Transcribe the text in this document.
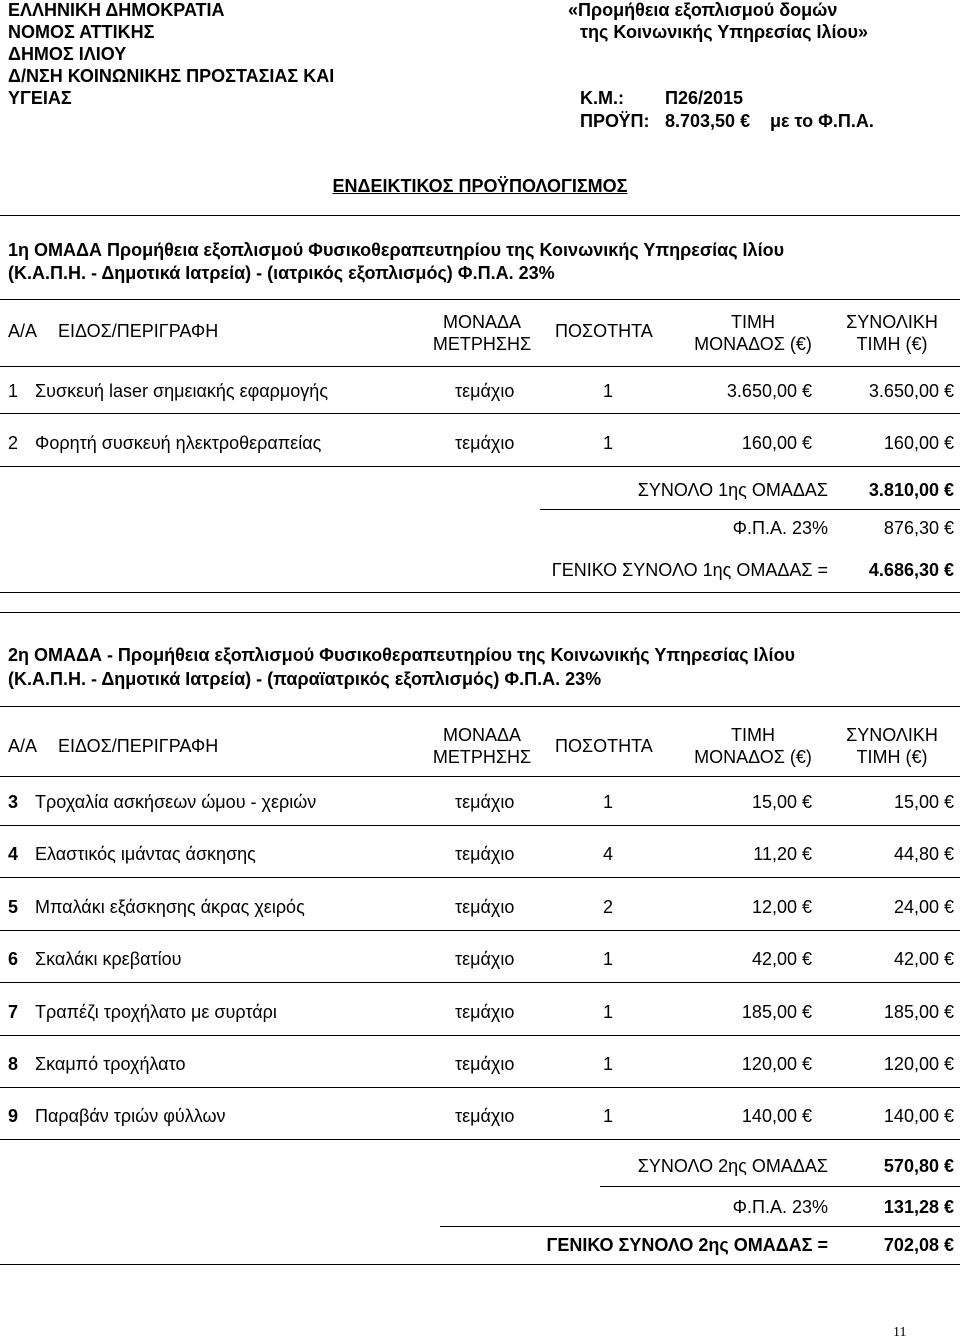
ΕΛΛΗΝΙΚΗ ΔΗΜΟΚΡΑΤΙΑ
ΝΟΜΟΣ ΑΤΤΙΚΗΣ
ΔΗΜΟΣ ΙΛΙΟΥ
Δ/ΝΣΗ ΚΟΙΝΩΝΙΚΗΣ ΠΡΟΣΤΑΣΙΑΣ ΚΑΙ
ΥΓΕΙΑΣ
«Προμήθεια εξοπλισμού δομών
της Κοινωνικής Υπηρεσίας Ιλίου»
Κ.Μ.: Π26/2015
ΠΡΟΫΠ: 8.703,50 € με το Φ.Π.Α.
ΕΝΔΕΙΚΤΙΚΟΣ ΠΡΟΫΠΟΛΟΓΙΣΜΟΣ
1η ΟΜΑΔΑ Προμήθεια εξοπλισμού Φυσικοθεραπευτηρίου της Κοινωνικής Υπηρεσίας Ιλίου
(Κ.Α.Π.Η. - Δημοτικά Ιατρεία) - (ιατρικός εξοπλισμός) Φ.Π.Α. 23%
Α/Α ΕΙΔΟΣ/ΠΕΡΙΓΡΑΦΗ	ΜΟΝΑΔΑ
ΜΕΤΡΗΣΗΣ
ΠΟΣΟΤΗΤΑ	ΤΙΜΗ
ΜΟΝΑΔΟΣ (€)
ΣΥΝΟΛΙΚΗ
ΤΙΜΗ (€)
1 Συσκευή laser σημειακής εφαρμογής	τεμάχιο	1	3.650,00 €	3.650,00 €
2 Φορητή συσκευή ηλεκτροθεραπείας	τεμάχιο	1	160,00 €	160,00 €
ΣΥΝΟΛΟ 1ης ΟΜΑΔΑΣ	3.810,00 €
Φ.Π.Α. 23%	876,30 €
ΓΕΝΙΚΟ ΣΥΝΟΛΟ 1ης ΟΜΑΔΑΣ =	4.686,30 €
2η ΟΜΑΔΑ - Προμήθεια εξοπλισμού Φυσικοθεραπευτηρίου της Κοινωνικής Υπηρεσίας Ιλίου
(Κ.Α.Π.Η. - Δημοτικά Ιατρεία) - (παραϊατρικός εξοπλισμός) Φ.Π.Α. 23%
Α/Α ΕΙΔΟΣ/ΠΕΡΙΓΡΑΦΗ
ΜΟΝΑΔΑ
ΜΕΤΡΗΣΗΣ
ΠΟΣΟΤΗΤΑ
ΤΙΜΗ
ΜΟΝΑΔΟΣ (€)
ΣΥΝΟΛΙΚΗ
ΤΙΜΗ (€)
3 Τροχαλία ασκήσεων ώμου - χεριών	τεμάχιο	1	15,00 €	15,00 €
4 Ελαστικός ιμάντας άσκησης	τεμάχιο	4	11,20 €	44,80 €
5 Μπαλάκι εξάσκησης άκρας χειρός	τεμάχιο	2	12,00 €	24,00 €
6 Σκαλάκι κρεβατίου	τεμάχιο	1	42,00 €	42,00 €
7 Τραπέζι τροχήλατο με συρτάρι	τεμάχιο	1	185,00 €	185,00 €
8 Σκαμπό τροχήλατο	τεμάχιο	1	120,00 €	120,00 €
9 Παραβάν τριών φύλλων	τεμάχιο	1	140,00 €	140,00 €
ΣΥΝΟΛΟ 2ης ΟΜΑΔΑΣ	570,80 €
Φ.Π.Α. 23%	131,28 €
ΓΕΝΙΚΟ ΣΥΝΟΛΟ 2ης ΟΜΑΔΑΣ =	702,08 €
11
